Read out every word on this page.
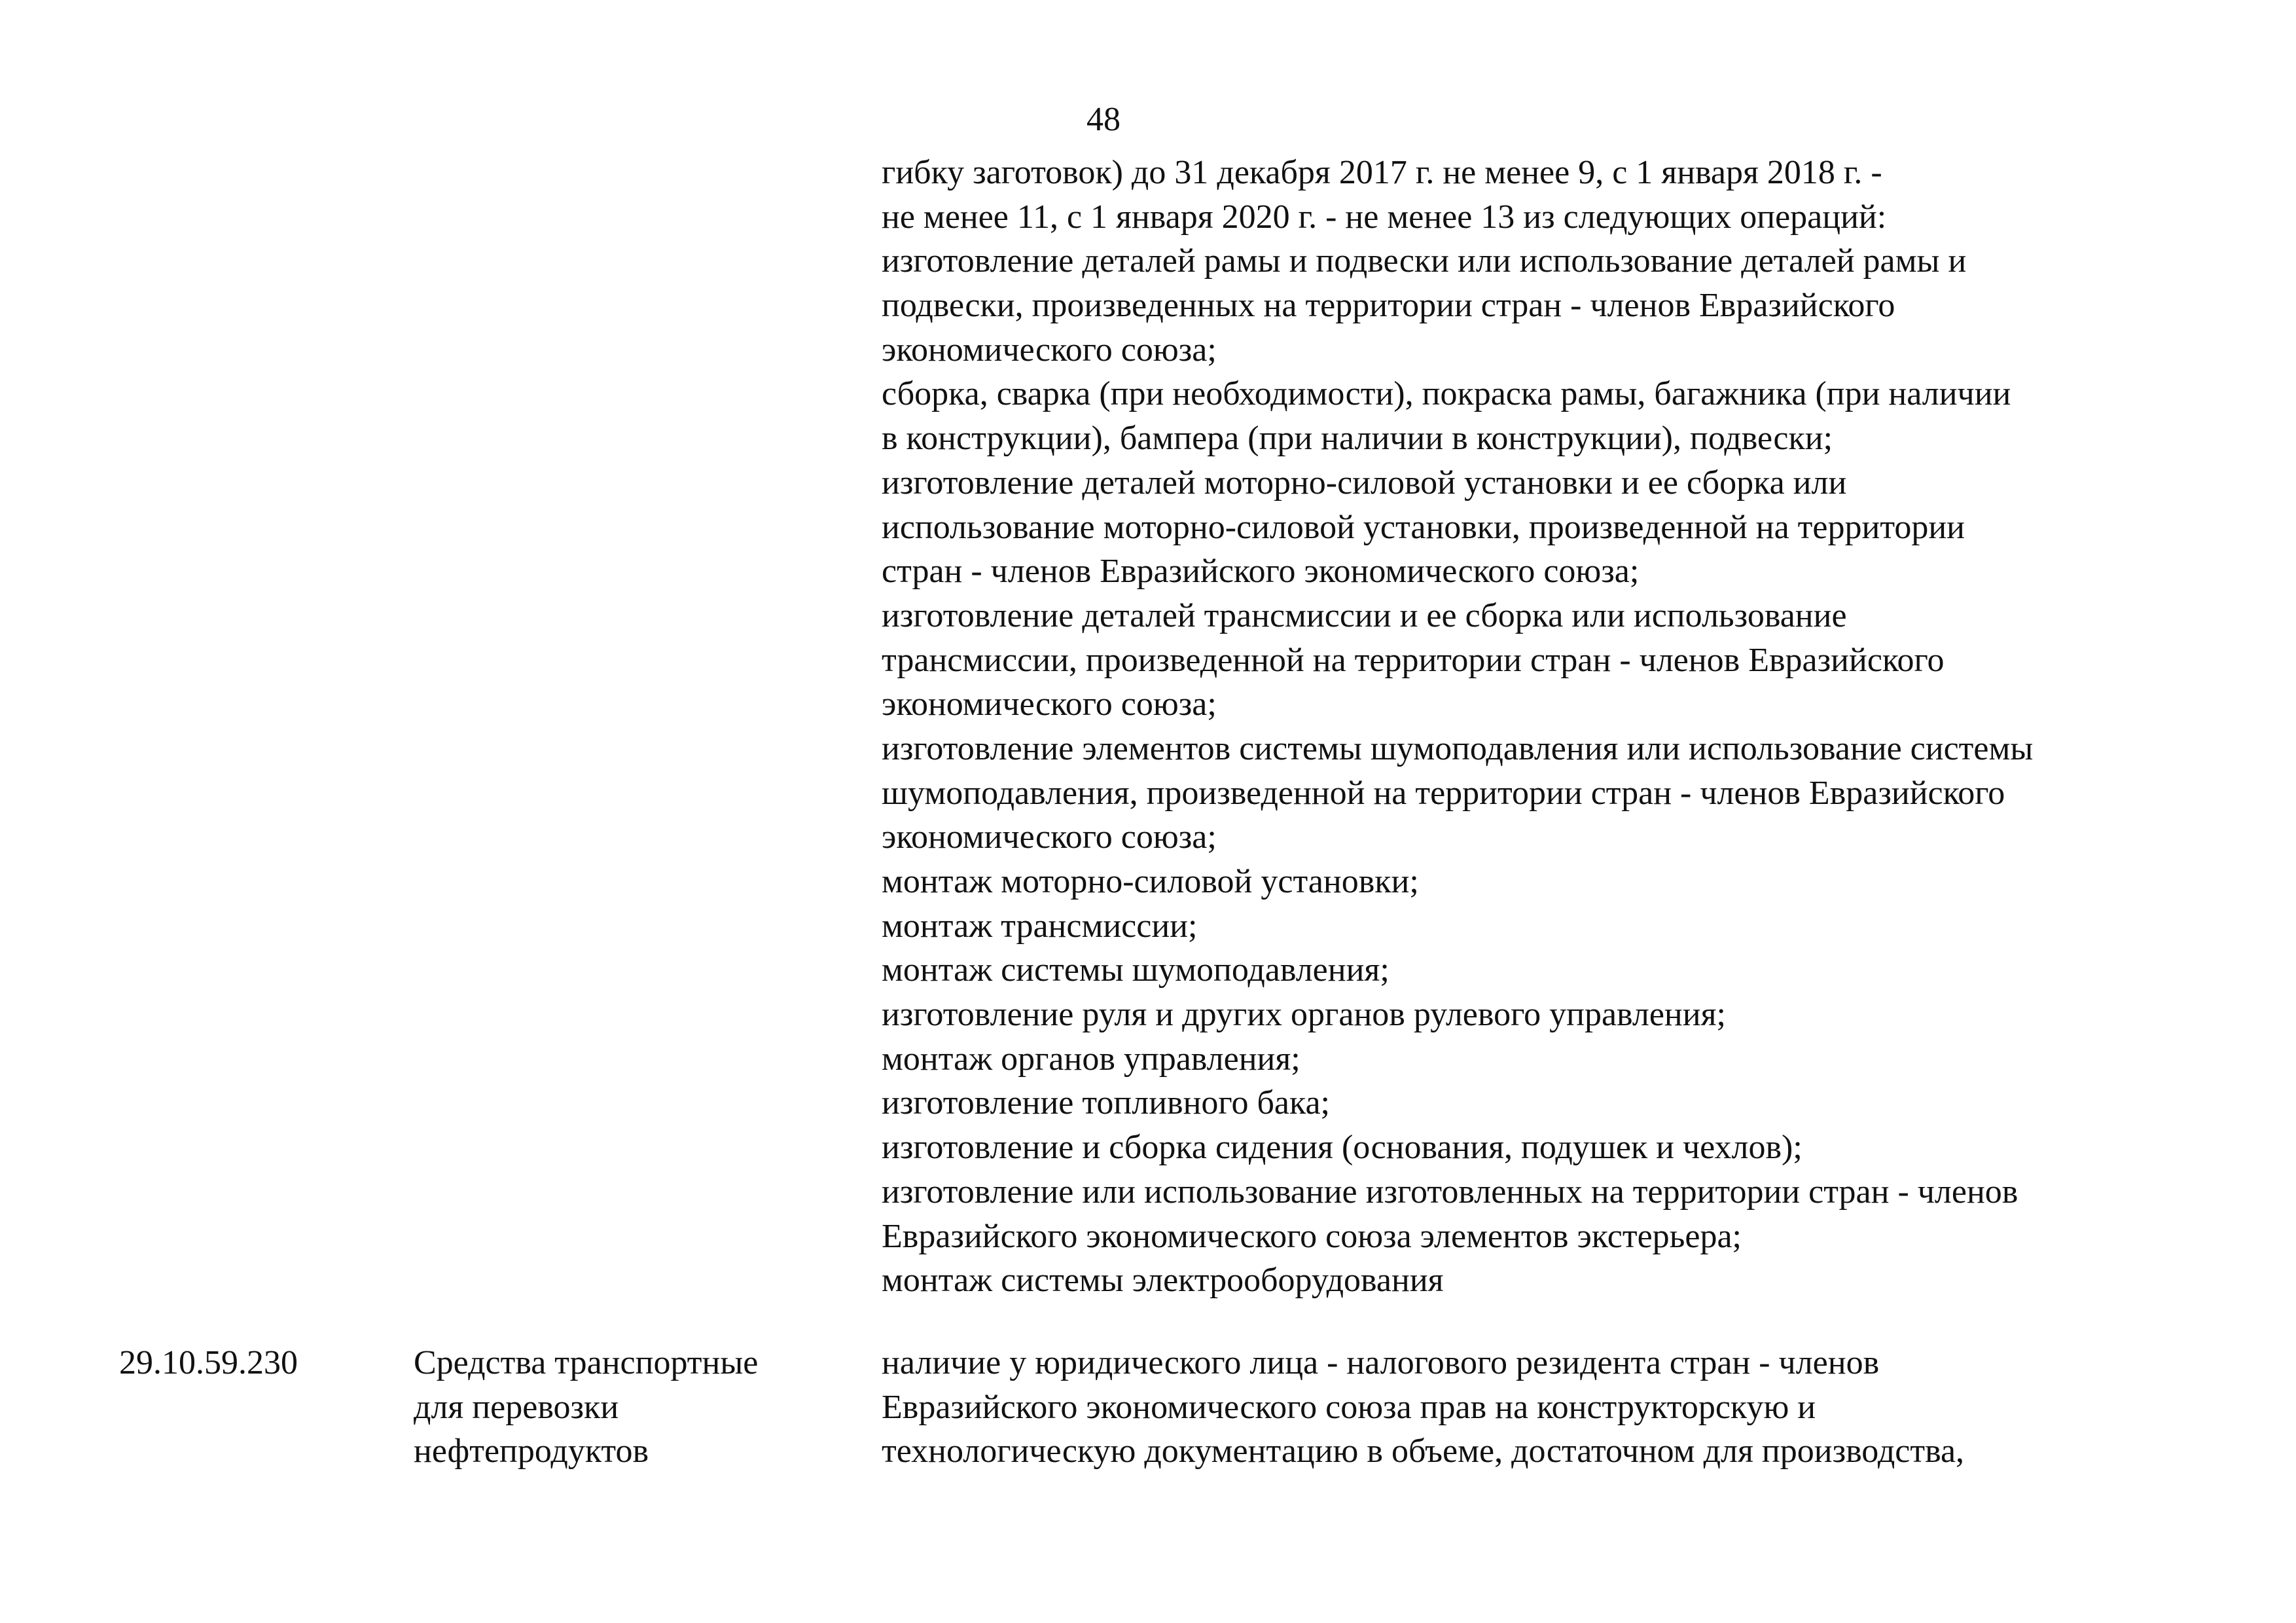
48
гибку заготовок) до 31 декабря 2017 г. не менее 9, с 1 января 2018 г. -
не менее 11, с 1 января 2020 г. - не менее 13 из следующих операций:
изготовление деталей рамы и подвески или использование деталей рамы и
подвески, произведенных на территории стран - членов Евразийского
экономического союза;
сборка, сварка (при необходимости), покраска рамы, багажника (при наличии
в конструкции), бампера (при наличии в конструкции), подвески;
изготовление деталей моторно-силовой установки и ее сборка или
использование моторно-силовой установки, произведенной на территории
стран - членов Евразийского экономического союза;
изготовление деталей трансмиссии и ее сборка или использование
трансмиссии, произведенной на территории стран - членов Евразийского
экономического союза;
изготовление элементов системы шумоподавления или использование системы
шумоподавления, произведенной на территории стран - членов Евразийского
экономического союза;
монтаж моторно-силовой установки;
монтаж трансмиссии;
монтаж системы шумоподавления;
изготовление руля и других органов рулевого управления;
монтаж органов управления;
изготовление топливного бака;
изготовление и сборка сидения (основания, подушек и чехлов);
изготовление или использование изготовленных на территории стран - членов
Евразийского экономического союза элементов экстерьера;
монтаж системы электрооборудования
29.10.59.230	Средства транспортные
для перевозки
нефтепродуктов
наличие у юридического лица - налогового резидента стран - членов
Евразийского экономического союза прав на конструкторскую и
технологическую документацию в объеме, достаточном для производства,
